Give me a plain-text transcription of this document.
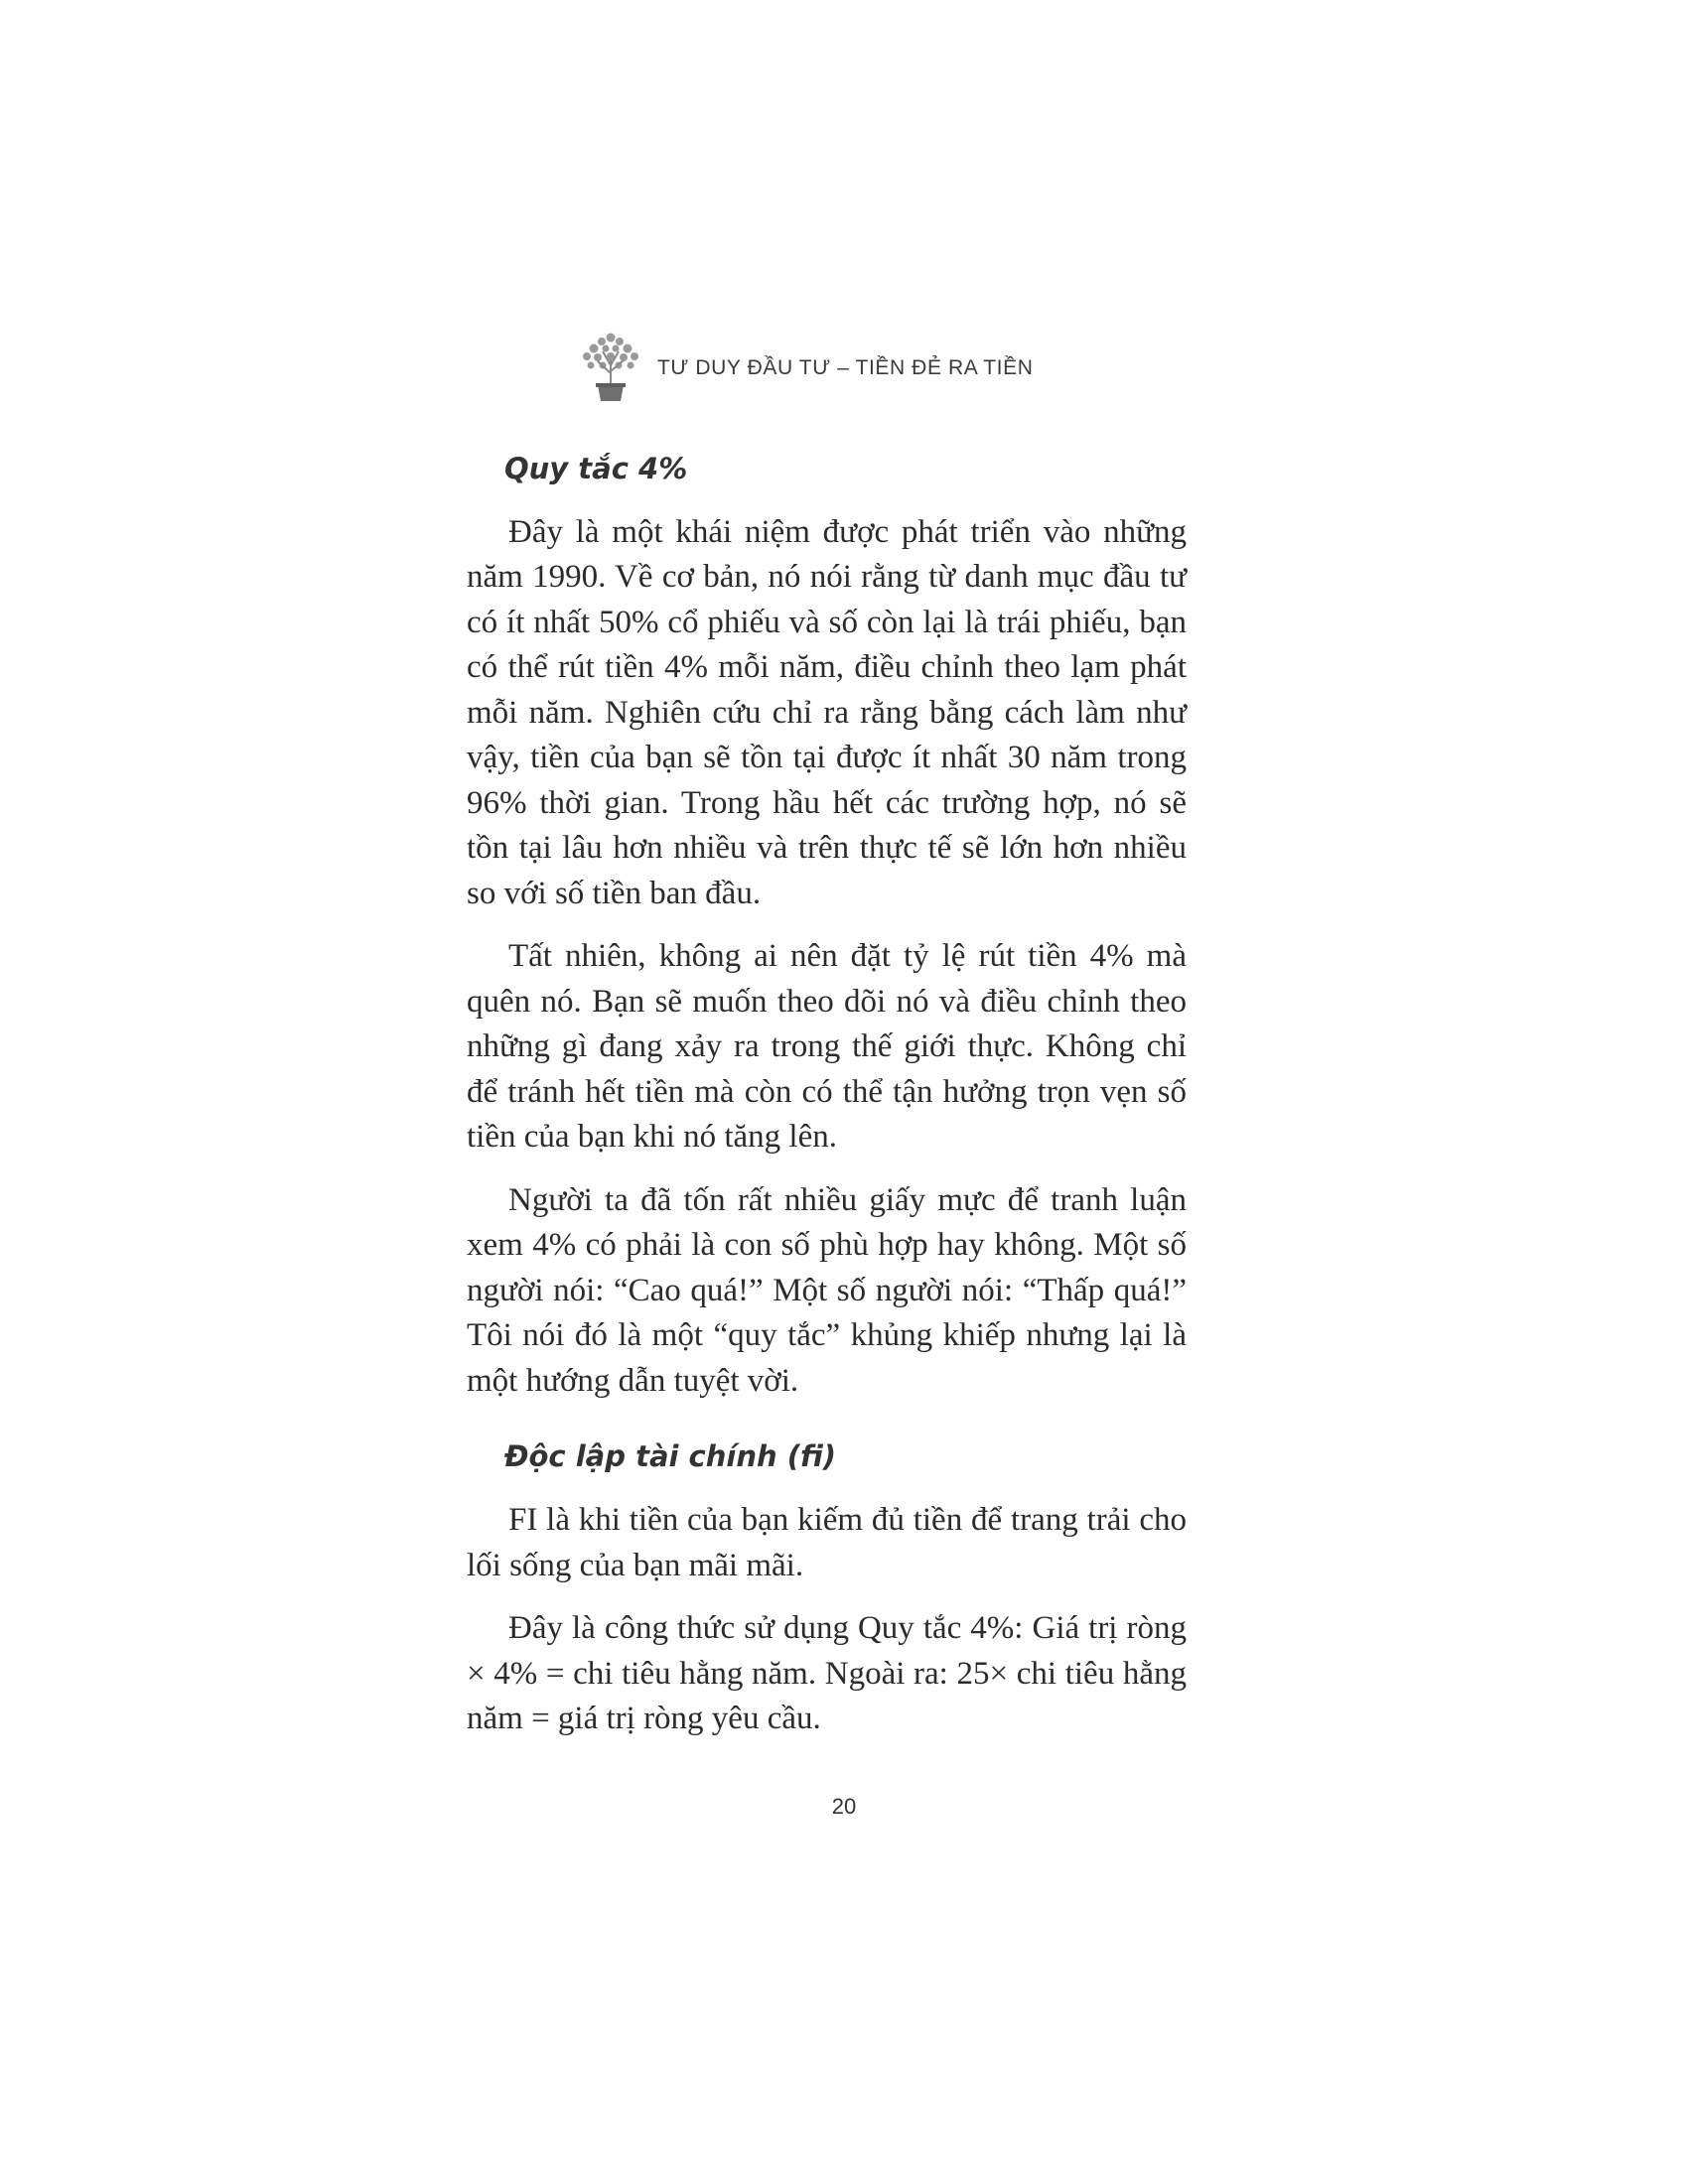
TƯ DUY ĐẦU TƯ – TIỀN ĐẺ RA TIỀN
Quy tắc 4%

Đây là một khái niệm được phát triển vào những năm 1990. Về cơ bản, nó nói rằng từ danh mục đầu tư có ít nhất 50% cổ phiếu và số còn lại là trái phiếu, bạn có thể rút tiền 4% mỗi năm, điều chỉnh theo lạm phát mỗi năm. Nghiên cứu chỉ ra rằng bằng cách làm như vậy, tiền của bạn sẽ tồn tại được ít nhất 30 năm trong 96% thời gian. Trong hầu hết các trường hợp, nó sẽ tồn tại lâu hơn nhiều và trên thực tế sẽ lớn hơn nhiều so với số tiền ban đầu.

Tất nhiên, không ai nên đặt tỷ lệ rút tiền 4% mà quên nó. Bạn sẽ muốn theo dõi nó và điều chỉnh theo những gì đang xảy ra trong thế giới thực. Không chỉ để tránh hết tiền mà còn có thể tận hưởng trọn vẹn số tiền của bạn khi nó tăng lên.

Người ta đã tốn rất nhiều giấy mực để tranh luận xem 4% có phải là con số phù hợp hay không. Một số người nói: “Cao quá!” Một số người nói: “Thấp quá!” Tôi nói đó là một “quy tắc” khủng khiếp nhưng lại là một hướng dẫn tuyệt vời.

Độc lập tài chính (fi)

FI là khi tiền của bạn kiếm đủ tiền để trang trải cho lối sống của bạn mãi mãi.

Đây là công thức sử dụng Quy tắc 4%: Giá trị ròng × 4% = chi tiêu hằng năm. Ngoài ra: 25× chi tiêu hằng năm = giá trị ròng yêu cầu.

20
